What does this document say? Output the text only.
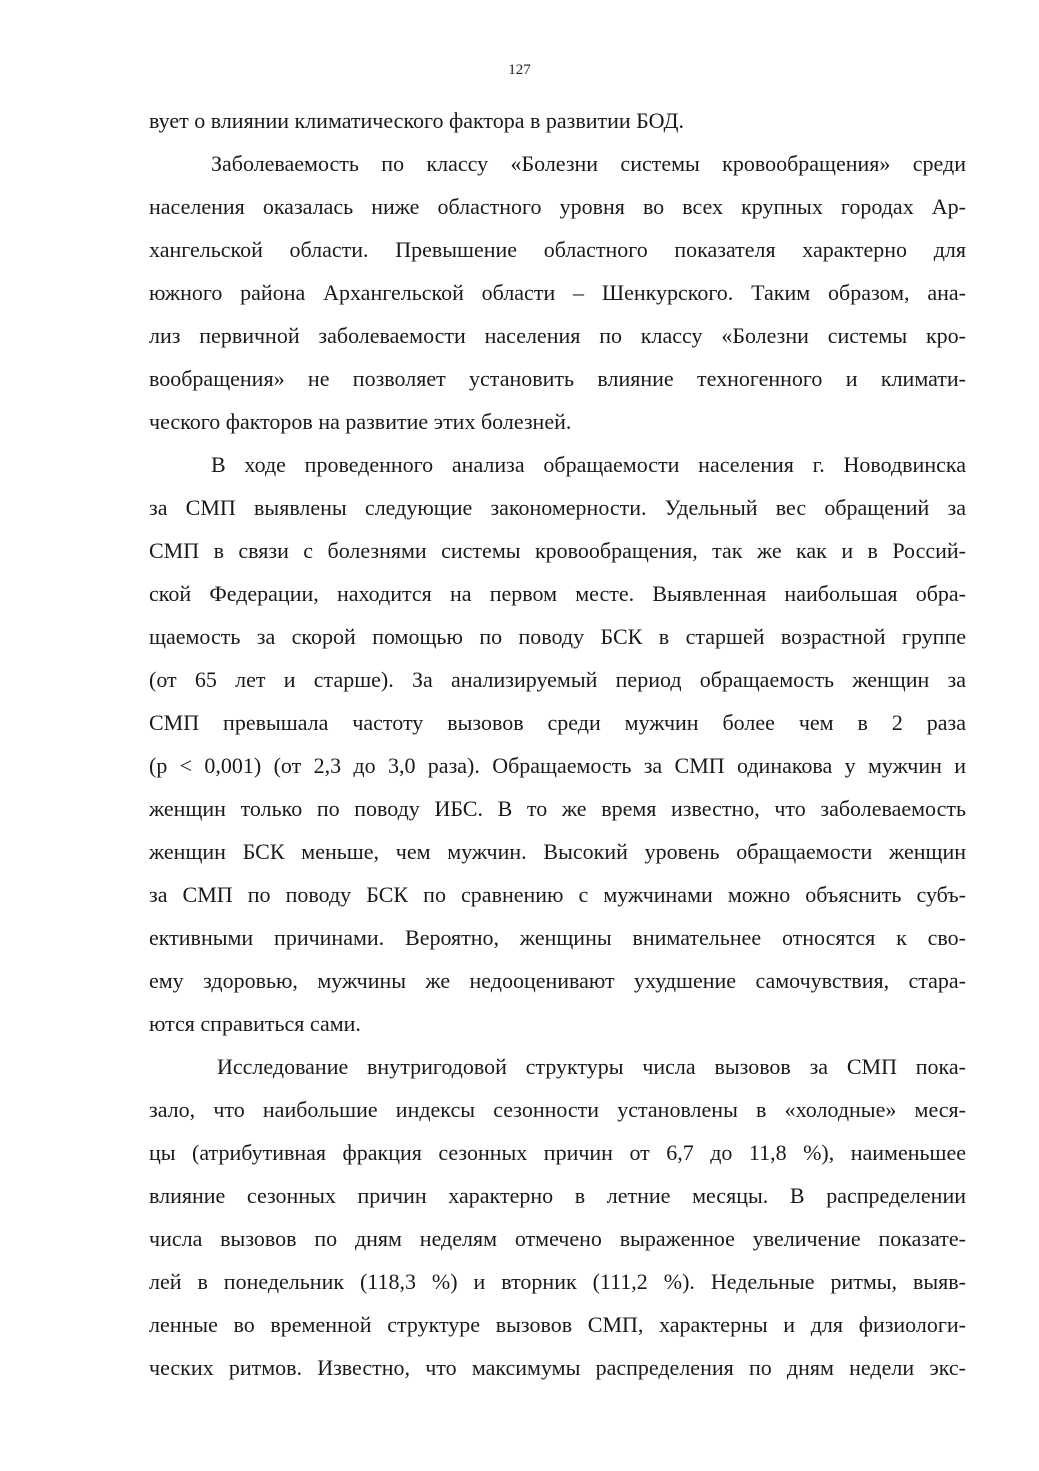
127
вует о влиянии климатического фактора в развитии БОД.
Заболеваемость по классу «Болезни системы кровообращения» среди
населения оказалась ниже областного уровня во всех крупных городах Ар-
хангельской области. Превышение областного показателя характерно для
южного района Архангельской области – Шенкурского. Таким образом, ана-
лиз первичной заболеваемости населения по классу «Болезни системы кро-
вообращения» не позволяет установить влияние техногенного и климати-
ческого факторов на развитие этих болезней.
В ходе проведенного анализа обращаемости населения г. Новодвинска
за СМП выявлены следующие закономерности. Удельный вес обращений за
СМП в связи с болезнями системы кровообращения, так же как и в Россий-
ской Федерации, находится на первом месте. Выявленная наибольшая обра-
щаемость за скорой помощью по поводу БСК в старшей возрастной группе
(от 65 лет и старше). За анализируемый период обращаемость женщин за
СМП превышала частоту вызовов среди мужчин более чем в 2 раза
(р < 0,001) (от 2,3 до 3,0 раза). Обращаемость за СМП одинакова у мужчин и
женщин только по поводу ИБС. В то же время известно, что заболеваемость
женщин БСК меньше, чем мужчин. Высокий уровень обращаемости женщин
за СМП по поводу БСК по сравнению с мужчинами можно объяснить субъ-
ективными причинами. Вероятно, женщины внимательнее относятся к сво-
ему здоровью, мужчины же недооценивают ухудшение самочувствия, стара-
ются справиться сами.
Исследование внутригодовой структуры числа вызовов за СМП пока-
зало, что наибольшие индексы сезонности установлены в «холодные» меся-
цы (атрибутивная фракция сезонных причин от 6,7 до 11,8 %), наименьшее
влияние сезонных причин характерно в летние месяцы. В распределении
числа вызовов по дням неделям отмечено выраженное увеличение показате-
лей в понедельник (118,3 %) и вторник (111,2 %). Недельные ритмы, выяв-
ленные во временной структуре вызовов СМП, характерны и для физиологи-
ческих ритмов. Известно, что максимумы распределения по дням недели экс-
